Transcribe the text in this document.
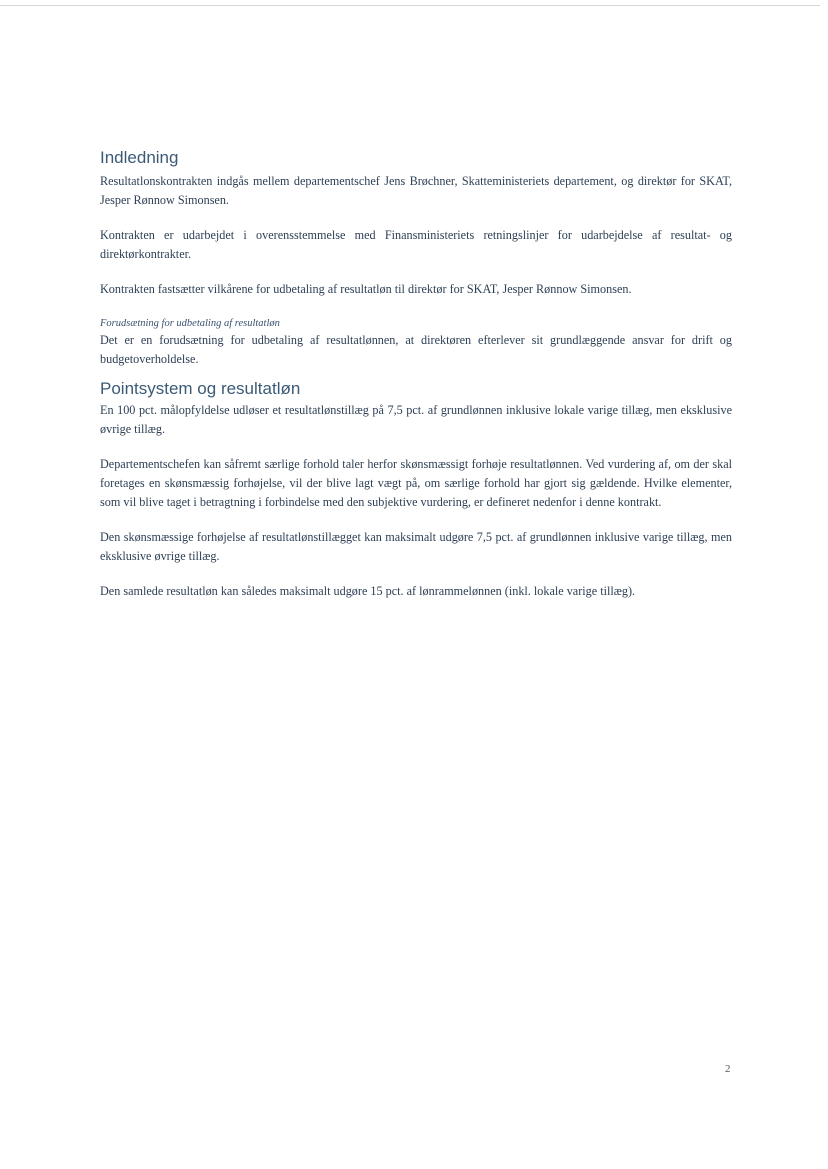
Indledning

Resultatlonskontrakten indgås mellem departementschef Jens Brøchner, Skatteministeriets departement, og direktør for SKAT, Jesper Rønnow Simonsen.

Kontrakten er udarbejdet i overensstemmelse med Finansministeriets retningslinjer for udarbejdelse af resultat- og direktørkontrakter.

Kontrakten fastsætter vilkårene for udbetaling af resultatløn til direktør for SKAT, Jesper Rønnow Simonsen.

Forudsætning for udbetaling af resultatløn

Det er en forudsætning for udbetaling af resultatlønnen, at direktøren efterlever sit grundlæggende ansvar for drift og budgetoverholdelse.

Pointsystem og resultatløn

En 100 pct. målopfyldelse udløser et resultatlønstillæg på 7,5 pct. af grundlønnen inklusive lokale varige tillæg, men eksklusive øvrige tillæg.

Departementschefen kan såfremt særlige forhold taler herfor skønsmæssigt forhøje resultatlønnen. Ved vurdering af, om der skal foretages en skønsmæssig forhøjelse, vil der blive lagt vægt på, om særlige forhold har gjort sig gældende. Hvilke elementer, som vil blive taget i betragtning i forbindelse med den subjektive vurdering, er defineret nedenfor i denne kontrakt.

Den skønsmæssige forhøjelse af resultatlønstillægget kan maksimalt udgøre 7,5 pct. af grundlønnen inklusive varige tillæg, men eksklusive øvrige tillæg.

Den samlede resultatløn kan således maksimalt udgøre 15 pct. af lønrammelønnen (inkl. lokale varige tillæg).

2
